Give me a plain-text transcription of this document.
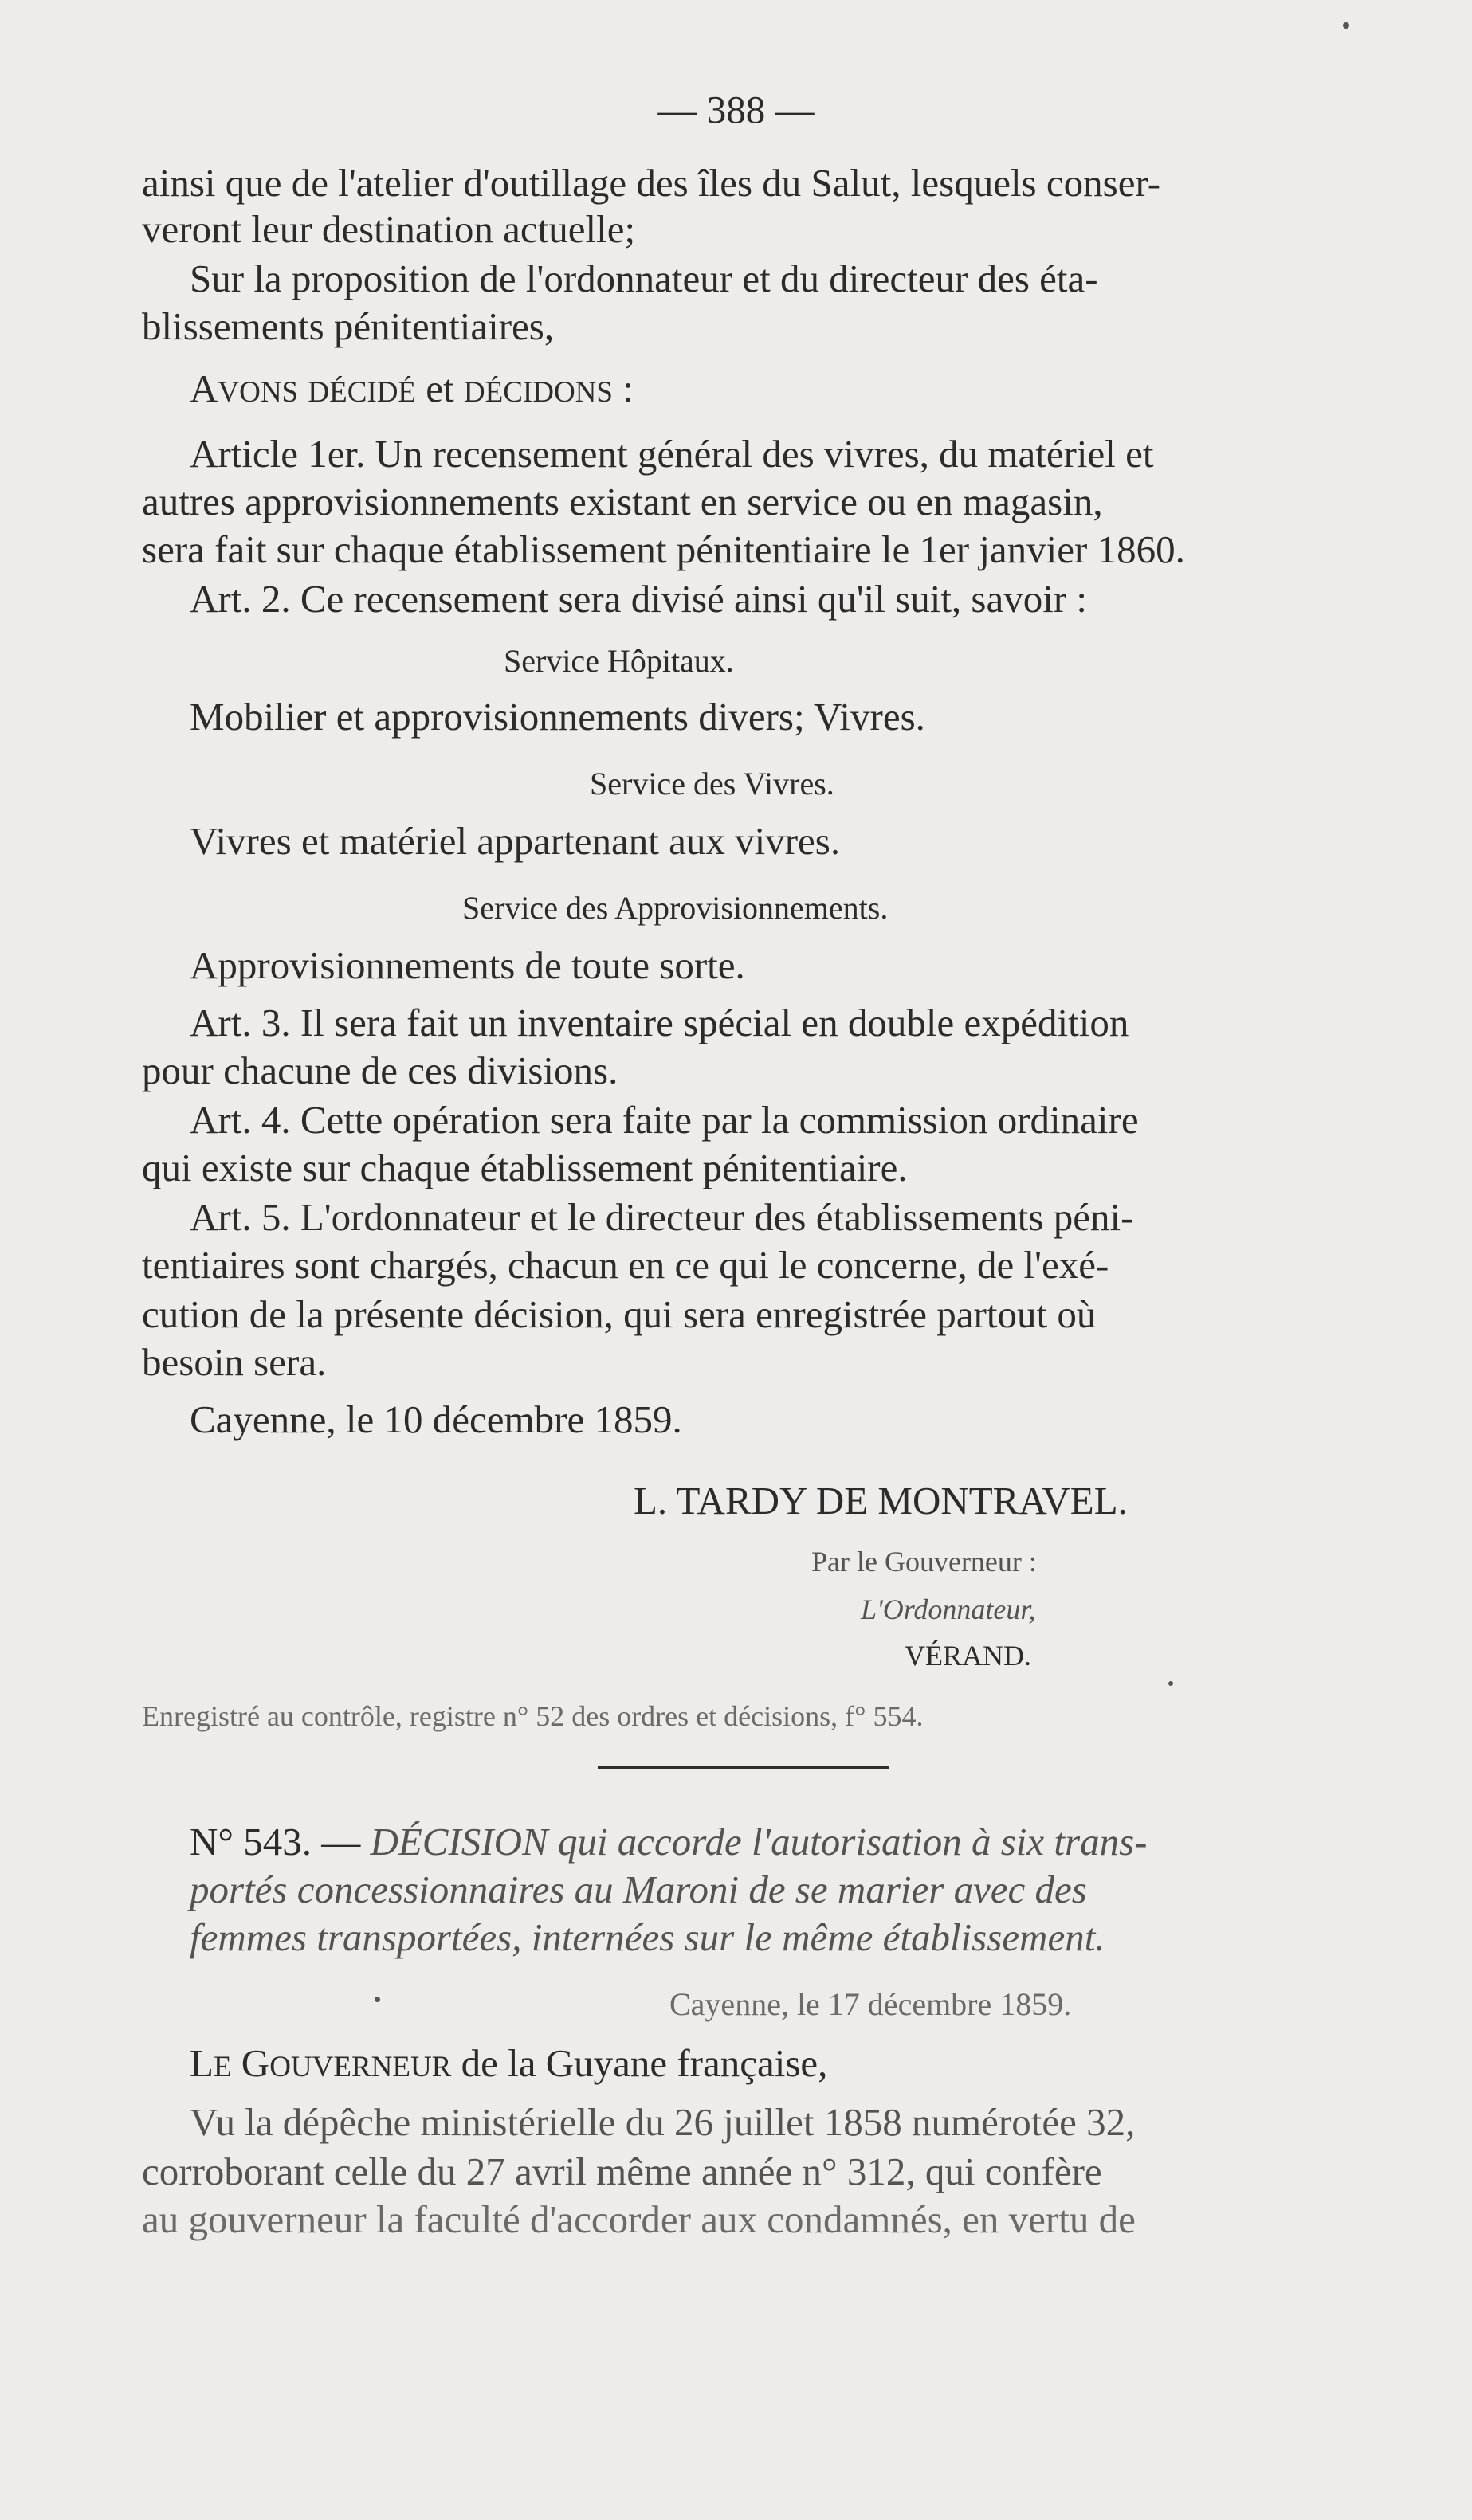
— 388 —
ainsi que de l'atelier d'outillage des îles du Salut, lesquels conser-
veront leur destination actuelle;
Sur la proposition de l'ordonnateur et du directeur des éta-
blissements pénitentiaires,
AVONS DÉCIDÉ et DÉCIDONS :
Article 1er. Un recensement général des vivres, du matériel et
autres approvisionnements existant en service ou en magasin,
sera fait sur chaque établissement pénitentiaire le 1er janvier 1860.
Art. 2. Ce recensement sera divisé ainsi qu'il suit, savoir :
Service Hôpitaux.
Mobilier et approvisionnements divers; Vivres.
Service des Vivres.
Vivres et matériel appartenant aux vivres.
Service des Approvisionnements.
Approvisionnements de toute sorte.
Art. 3. Il sera fait un inventaire spécial en double expédition
pour chacune de ces divisions.
Art. 4. Cette opération sera faite par la commission ordinaire
qui existe sur chaque établissement pénitentiaire.
Art. 5. L'ordonnateur et le directeur des établissements péni-
tentiaires sont chargés, chacun en ce qui le concerne, de l'exé-
cution de la présente décision, qui sera enregistrée partout où
besoin sera.
Cayenne, le 10 décembre 1859.
L. TARDY DE MONTRAVEL.
Par le Gouverneur :
L'Ordonnateur,
VÉRAND.
Enregistré au contrôle, registre n° 52 des ordres et décisions, f° 554.
N° 543. — DÉCISION qui accorde l'autorisation à six trans-
portés concessionnaires au Maroni de se marier avec des
femmes transportées, internées sur le même établissement.
Cayenne, le 17 décembre 1859.
LE GOUVERNEUR de la Guyane française,
Vu la dépêche ministérielle du 26 juillet 1858 numérotée 32,
corroborant celle du 27 avril même année n° 312, qui confère
au gouverneur la faculté d'accorder aux condamnés, en vertu de
